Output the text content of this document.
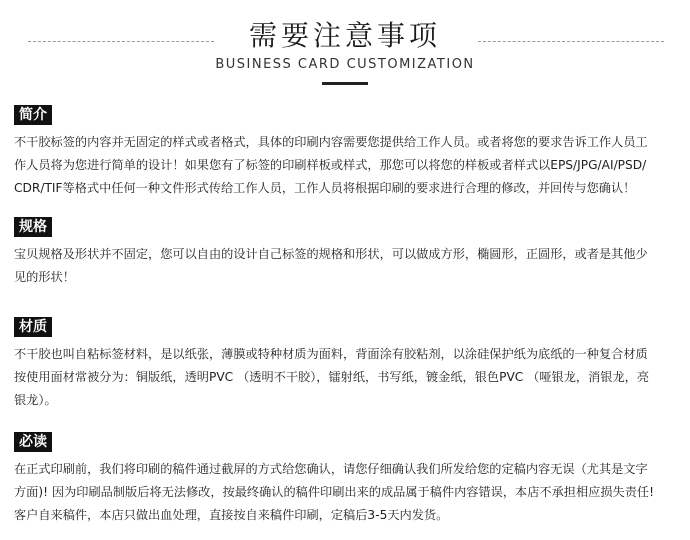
需要注意事项
BUSINESS CARD CUSTOMIZATION
简介
不干胶标签的内容并无固定的样式或者格式，具体的印刷内容需要您提供给工作人员。或者将您的要求告诉工作人员工
作人员将为您进行简单的设计！如果您有了标签的印刷样板或样式，那您可以将您的样板或者样式以EPS/JPG/AI/PSD/
CDR/TIF等格式中任何一种文件形式传给工作人员，工作人员将根据印刷的要求进行合理的修改，并回传与您确认！
规格
宝贝规格及形状并不固定，您可以自由的设计自己标签的规格和形状，可以做成方形，椭圆形，正圆形，或者是其他少
见的形状！
材质
不干胶也叫自粘标签材料，是以纸张，薄膜或特种材质为面料，背面涂有胶粘剂，以涂硅保护纸为底纸的一种复合材质
按使用面材常被分为：铜版纸，透明PVC （透明不干胶），镭射纸，书写纸，镀金纸，银色PVC （哑银龙，消银龙，亮
银龙）。
必读
在正式印刷前，我们将印刷的稿件通过截屏的方式给您确认，请您仔细确认我们所发给您的定稿内容无误（尤其是文字
方面)! 因为印刷品制版后将无法修改，按最终确认的稿件印刷出来的成品属于稿件内容错误，本店不承担相应损失责任!
客户自来稿件，本店只做出血处理，直接按自来稿件印刷，定稿后3-5天内发货。
